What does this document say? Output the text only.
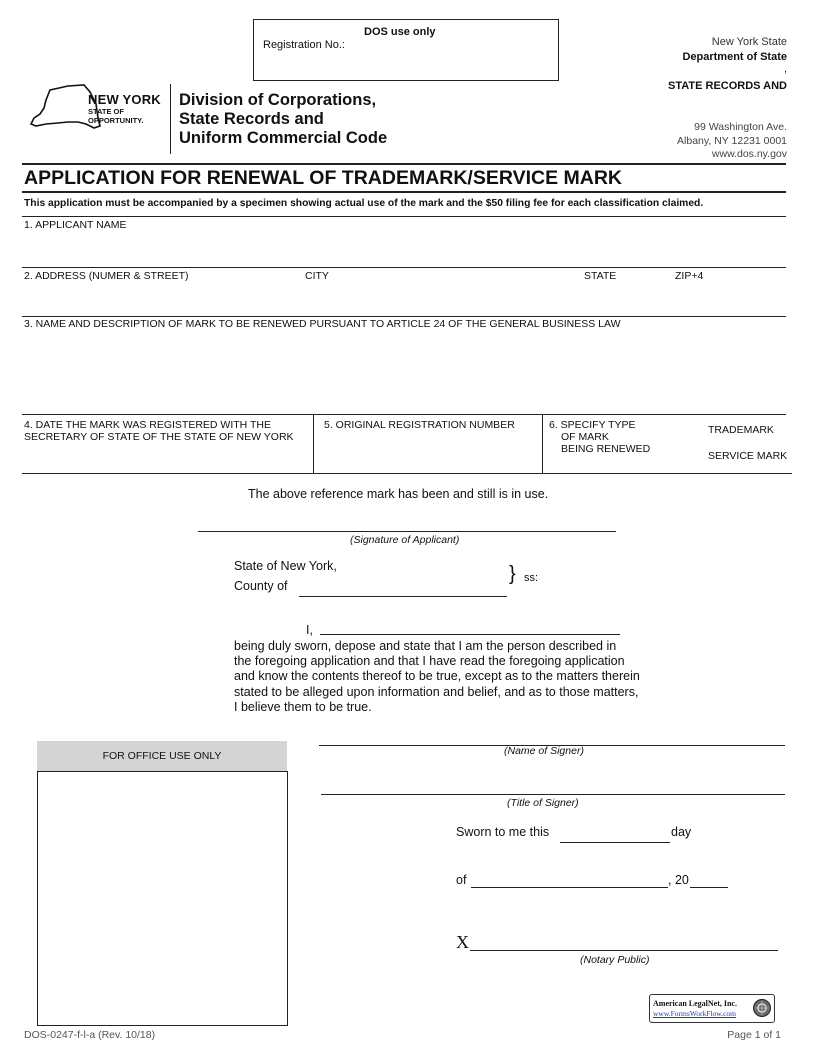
DOS use only
Registration No.:	New York State
Department of State
,
STATE RECORDS AND
99 Washington Ave.
Albany, NY 12231 0001
www.dos.ny.gov
NEW YORK
STATE OF
OPPORTUNITY.
Division of Corporations,
State Records and
Uniform Commercial Code
APPLICATION FOR RENEWAL OF TRADEMARK/SERVICE MARK
This application must be accompanied by a specimen showing actual use of the mark and the $50 filing fee for each classification claimed.
1. APPLICANT NAME
2. ADDRESS (NUMER & STREET)	CITY	STATE	ZIP+4
3. NAME AND DESCRIPTION OF MARK TO BE RENEWED PURSUANT TO ARTICLE 24 OF THE GENERAL BUSINESS LAW
4. DATE THE MARK WAS REGISTERED WITH THE
SECRETARY OF STATE OF THE STATE OF NEW YORK
5. ORIGINAL REGISTRATION NUMBER	6. SPECIFY TYPE
OF MARK
BEING RENEWED
TRADEMARK
SERVICE MARK
The above reference mark has been and still is in use.
(Signature of Applicant)
State of New York,
County of
} ss:
I,
being duly sworn, depose and state that I am the person described in
the foregoing application and that I have read the foregoing application
and know the contents thereof to be true, except as to the matters therein
stated to be alleged upon information and belief, and as to those matters,
I believe them to be true.
FOR OFFICE USE ONLY	(Name of Signer)
(Title of Signer)
Sworn to me this	day
of	, 20
X
(Notary Public)
American LegalNet, Inc.
www.FormsWorkFlow.com
DOS-0247-f-l-a (Rev. 10/18)	Page 1 of 1
